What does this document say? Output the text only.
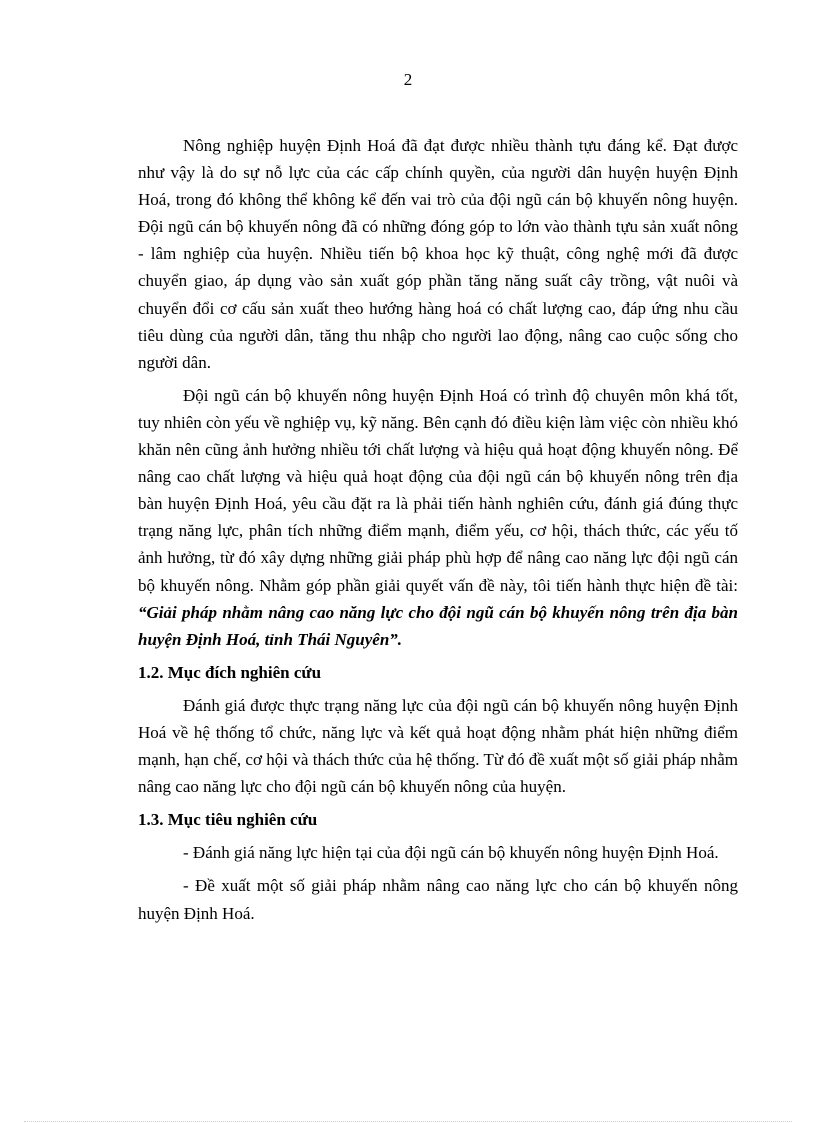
2

Nông nghiệp huyện Định Hoá đã đạt được nhiều thành tựu đáng kể. Đạt được như vậy là do sự nỗ lực của các cấp chính quyền, của người dân huyện huyện Định Hoá, trong đó không thể không kể đến vai trò của đội ngũ cán bộ khuyến nông huyện. Đội ngũ cán bộ khuyến nông đã có những đóng góp to lớn vào thành tựu sản xuất nông - lâm nghiệp của huyện. Nhiều tiến bộ khoa học kỹ thuật, công nghệ mới đã được chuyển giao, áp dụng vào sản xuất góp phần tăng năng suất cây trồng, vật nuôi và chuyển đổi cơ cấu sản xuất theo hướng hàng hoá có chất lượng cao, đáp ứng nhu cầu tiêu dùng của người dân, tăng thu nhập cho người lao động, nâng cao cuộc sống cho người dân.

Đội ngũ cán bộ khuyến nông huyện Định Hoá có trình độ chuyên môn khá tốt, tuy nhiên còn yếu về nghiệp vụ, kỹ năng. Bên cạnh đó điều kiện làm việc còn nhiều khó khăn nên cũng ảnh hưởng nhiều tới chất lượng và hiệu quả hoạt động khuyến nông. Để nâng cao chất lượng và hiệu quả hoạt động của đội ngũ cán bộ khuyến nông trên địa bàn huyện Định Hoá, yêu cầu đặt ra là phải tiến hành nghiên cứu, đánh giá đúng thực trạng năng lực, phân tích những điểm mạnh, điểm yếu, cơ hội, thách thức, các yếu tố ảnh hưởng, từ đó xây dựng những giải pháp phù hợp để nâng cao năng lực đội ngũ cán bộ khuyến nông. Nhằm góp phần giải quyết vấn đề này, tôi tiến hành thực hiện đề tài: “Giải pháp nhằm nâng cao năng lực cho đội ngũ cán bộ khuyến nông trên địa bàn huyện Định Hoá, tỉnh Thái Nguyên”.

1.2. Mục đích nghiên cứu

Đánh giá được thực trạng năng lực của đội ngũ cán bộ khuyến nông huyện Định Hoá về hệ thống tổ chức, năng lực và kết quả hoạt động nhằm phát hiện những điểm mạnh, hạn chế, cơ hội và thách thức của hệ thống. Từ đó đề xuất một số giải pháp nhằm nâng cao năng lực cho đội ngũ cán bộ khuyến nông của huyện.

1.3. Mục tiêu nghiên cứu

- Đánh giá năng lực hiện tại của đội ngũ cán bộ khuyến nông huyện Định Hoá.

- Đề xuất một số giải pháp nhằm nâng cao năng lực cho cán bộ khuyến nông huyện Định Hoá.
